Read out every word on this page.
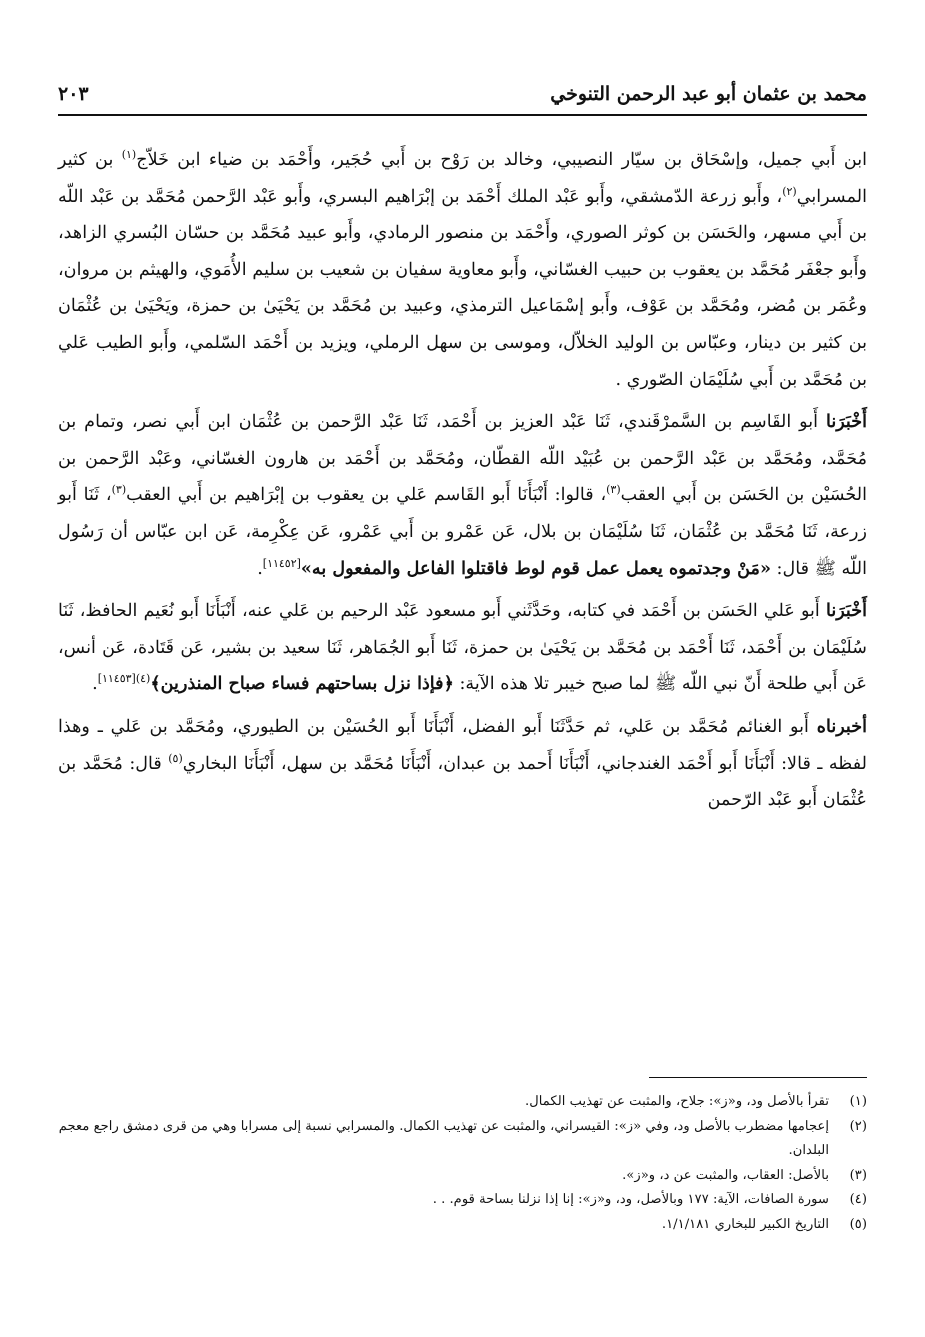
محمد بن عثمان أبو عبد الرحمن التنوخي
٢٠٣

ابن أَبي جميل، وإسْحَاق بن سيّار النصيبي، وخالد بن رَوْح بن أَبي حُجَير، وأَحْمَد بن ضياء ابن خَلاّج$^{(١)}$ بن كثير المسرابي$^{(٢)}$، وأَبو زرعة الدّمشقي، وأَبو عَبْد الملك أَحْمَد بن إبْرَاهيم البسري، وأَبو عَبْد الرَّحمن مُحَمَّد بن عَبْد اللّه بن أَبي مسهر، والحَسَن بن كوثر الصوري، وأَحْمَد بن منصور الرمادي، وأَبو عبيد مُحَمَّد بن حسّان البُسري الزاهد، وأَبو جعْفَر مُحَمَّد بن يعقوب بن حبيب الغسّاني، وأَبو معاوية سفيان بن شعيب بن سليم الأُمَوي، والهيثم بن مروان، وعُمَر بن مُضر، ومُحَمَّد بن عَوْف، وأَبو إسْمَاعيل الترمذي، وعبيد بن مُحَمَّد بن يَحْيَىٰ بن حمزة، ويَحْيَىٰ بن عُثْمَان بن كثير بن دينار، وعبّاس بن الوليد الخلاّل، وموسى بن سهل الرملي، ويزيد بن أَحْمَد السّلمي، وأَبو الطيب عَلي بن مُحَمَّد بن أَبي سُلَيْمَان الصّوري .

أَخْبَرَنا أَبو القَاسِم بن السَّمرْقَندي، ثَنَا عَبْد العزيز بن أَحْمَد، ثَنَا عَبْد الرَّحمن بن عُثْمَان ابن أَبي نصر، وتمام بن مُحَمَّد، ومُحَمَّد بن عَبْد الرَّحمن بن عُبَيْد اللّه القطّان، ومُحَمَّد بن أَحْمَد بن هارون الغسّاني، وعَبْد الرَّحمن بن الحُسَيْن بن الحَسَن بن أَبي العقب$^{(٣)}$، قالوا: أَنْبَأَنَا أَبو القَاسم عَلي بن يعقوب بن إبْرَاهيم بن أَبي العقب$^{(٣)}$، ثَنَا أَبو زرعة، ثَنَا مُحَمَّد بن عُثْمَان، ثَنَا سُلَيْمَان بن بلال، عَن عَمْرو بن أَبي عَمْرو، عَن عِكْرِمة، عَن ابن عبّاس أن رَسُول اللّه ﷺ قال: «مَنْ وجدتموه يعمل عمل قوم لوط فاقتلوا الفاعل والمفعول به»[١١٤٥٢].

أَخْبَرَنا أَبو عَلي الحَسَن بن أَحْمَد في كتابه، وحَدَّثَني أَبو مسعود عَبْد الرحيم بن عَلي عنه، أَنْبَأَنَا أَبو نُعَيم الحافظ، ثَنَا سُلَيْمَان بن أَحْمَد، ثَنَا أَحْمَد بن مُحَمَّد بن يَحْيَىٰ بن حمزة، ثَنَا أَبو الجُمَاهر، ثَنَا سعيد بن بشير، عَن قَتَادة، عَن أنس، عَن أَبي طلحة أَنّ نبي اللّه ﷺ لما صبح خيبر تلا هذه الآية: ﴿فإذا نزل بساحتهم فساء صباح المنذرين﴾$^{(٤)[١١٤٥٣]}$.

أخبرناه أَبو الغنائم مُحَمَّد بن عَلي، ثم حَدَّثَنَا أَبو الفضل، أَنْبَأَنَا أَبو الحُسَيْن بن الطيوري، ومُحَمَّد بن عَلي ـ وهذا لفظه ـ قالا: أَنْبَأَنَا أَبو أَحْمَد الغندجاني، أَنْبَأَنَا أَحمد بن عبدان، أَنْبَأَنَا مُحَمَّد بن سهل، أَنْبَأَنَا البخاري$^{(٥)}$ قال: مُحَمَّد بن عُثْمَان أَبو عَبْد الرّحمن

(١)
تقرأ بالأصل ود، و«ز»: جلاح، والمثبت عن تهذيب الكمال.
(٢)
إعجامها مضطرب بالأصل ود، وفي «ز»: القيسراني، والمثبت عن تهذيب الكمال. والمسرابي نسبة إلى مسرابا وهي من قرى دمشق راجع معجم البلدان.
(٣)
بالأصل: العقاب، والمثبت عن د، و«ز».
(٤)
سورة الصافات، الآية: ١٧٧ وبالأصل، ود، و«ز»: إنا إذا نزلنا بساحة قوم. . .
(٥)
التاريخ الكبير للبخاري ١/١/١٨١.
